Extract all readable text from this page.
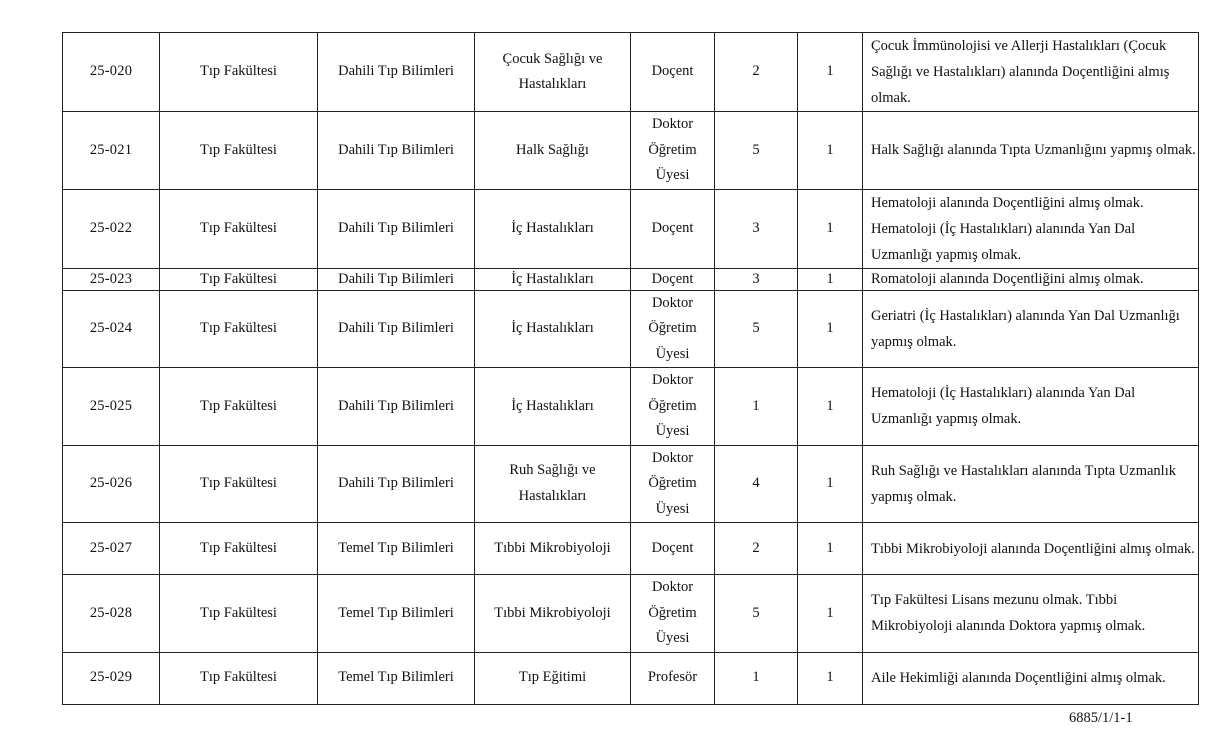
25-020	Tıp Fakültesi	Dahili Tıp Bilimleri	Çocuk Sağlığı ve Hastalıkları	Doçent	2	1	Çocuk İmmünolojisi ve Allerji Hastalıkları (Çocuk Sağlığı ve Hastalıkları) alanında Doçentliğini almış olmak.
25-021	Tıp Fakültesi	Dahili Tıp Bilimleri	Halk Sağlığı	Doktor Öğretim Üyesi	5	1	Halk Sağlığı alanında Tıpta Uzmanlığını yapmış olmak.
25-022	Tıp Fakültesi	Dahili Tıp Bilimleri	İç Hastalıkları	Doçent	3	1	Hematoloji alanında Doçentliğini almış olmak. Hematoloji (İç Hastalıkları) alanında Yan Dal Uzmanlığı yapmış olmak.
25-023	Tıp Fakültesi	Dahili Tıp Bilimleri	İç Hastalıkları	Doçent	3	1	Romatoloji alanında Doçentliğini almış olmak.
25-024	Tıp Fakültesi	Dahili Tıp Bilimleri	İç Hastalıkları	Doktor Öğretim Üyesi	5	1	Geriatri (İç Hastalıkları) alanında Yan Dal Uzmanlığı yapmış olmak.
25-025	Tıp Fakültesi	Dahili Tıp Bilimleri	İç Hastalıkları	Doktor Öğretim Üyesi	1	1	Hematoloji (İç Hastalıkları) alanında Yan Dal Uzmanlığı yapmış olmak.
25-026	Tıp Fakültesi	Dahili Tıp Bilimleri	Ruh Sağlığı ve Hastalıkları	Doktor Öğretim Üyesi	4	1	Ruh Sağlığı ve Hastalıkları alanında Tıpta Uzmanlık yapmış olmak.
25-027	Tıp Fakültesi	Temel Tıp Bilimleri	Tıbbi Mikrobiyoloji	Doçent	2	1	Tıbbi Mikrobiyoloji alanında Doçentliğini almış olmak.
25-028	Tıp Fakültesi	Temel Tıp Bilimleri	Tıbbi Mikrobiyoloji	Doktor Öğretim Üyesi	5	1	Tıp Fakültesi Lisans mezunu olmak. Tıbbi Mikrobiyoloji alanında Doktora yapmış olmak.
25-029	Tıp Fakültesi	Temel Tıp Bilimleri	Tıp Eğitimi	Profesör	1	1	Aile Hekimliği alanında Doçentliğini almış olmak.
6885/1/1-1
